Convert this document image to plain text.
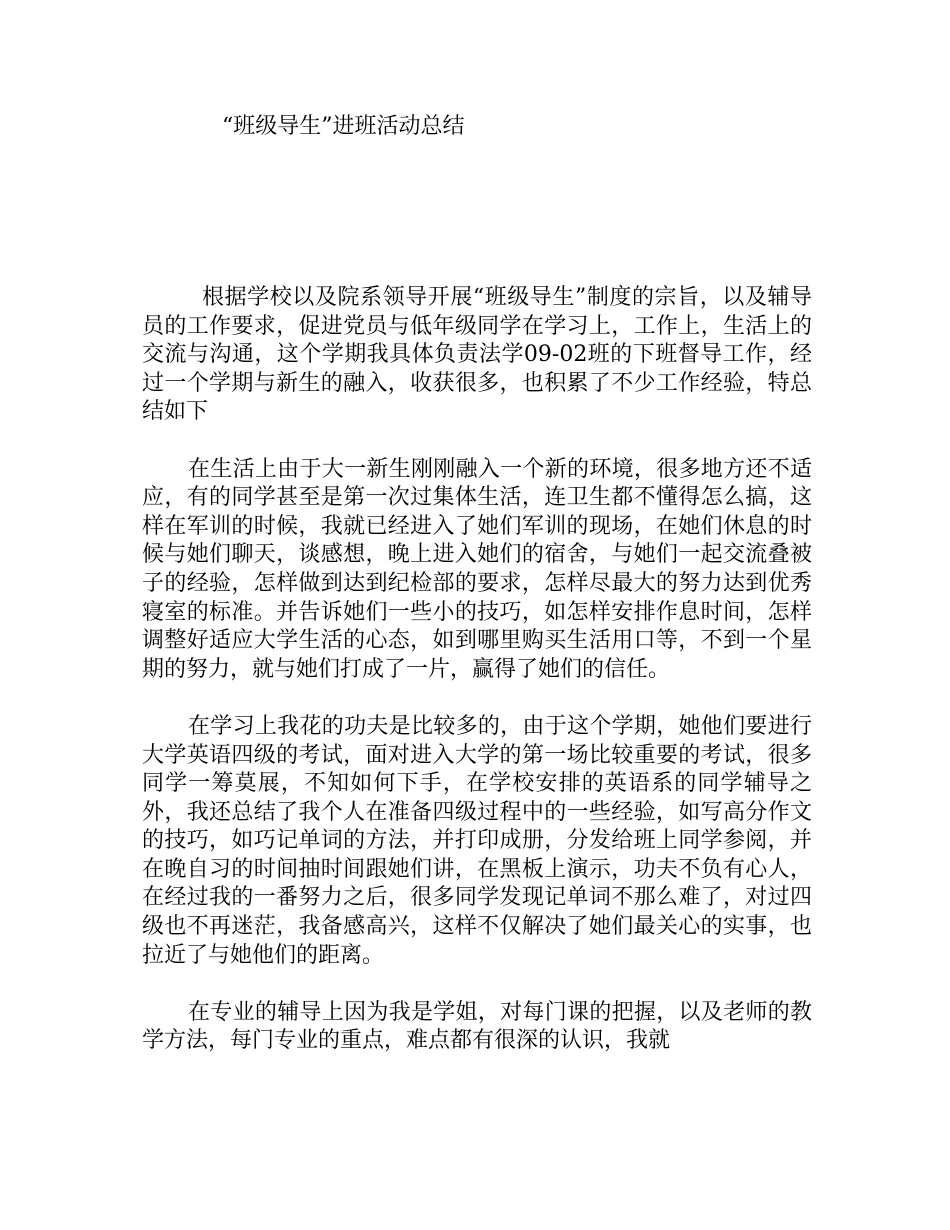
“班级导生”进班活动总结

根据学校以及院系领导开展“班级导生”制度的宗旨，以及辅导员的工作要求，促进党员与低年级同学在学习上，工作上，生活上的交流与沟通，这个学期我具体负责法学09-02班的下班督导工作，经过一个学期与新生的融入，收获很多，也积累了不少工作经验，特总结如下

在生活上由于大一新生刚刚融入一个新的环境，很多地方还不适应，有的同学甚至是第一次过集体生活，连卫生都不懂得怎么搞，这样在军训的时候，我就已经进入了她们军训的现场，在她们休息的时候与她们聊天，谈感想，晚上进入她们的宿舍，与她们一起交流叠被子的经验，怎样做到达到纪检部的要求，怎样尽最大的努力达到优秀寝室的标准。并告诉她们一些小的技巧，如怎样安排作息时间，怎样调整好适应大学生活的心态，如到哪里购买生活用口等，不到一个星期的努力，就与她们打成了一片，赢得了她们的信任。

在学习上我花的功夫是比较多的，由于这个学期，她他们要进行大学英语四级的考试，面对进入大学的第一场比较重要的考试，很多同学一筹莫展，不知如何下手，在学校安排的英语系的同学辅导之外，我还总结了我个人在准备四级过程中的一些经验，如写高分作文的技巧，如巧记单词的方法，并打印成册，分发给班上同学参阅，并在晚自习的时间抽时间跟她们讲，在黑板上演示，功夫不负有心人，在经过我的一番努力之后，很多同学发现记单词不那么难了，对过四级也不再迷茫，我备感高兴，这样不仅解决了她们最关心的实事，也拉近了与她他们的距离。

在专业的辅导上因为我是学姐，对每门课的把握，以及老师的教学方法，每门专业的重点，难点都有很深的认识，我就
